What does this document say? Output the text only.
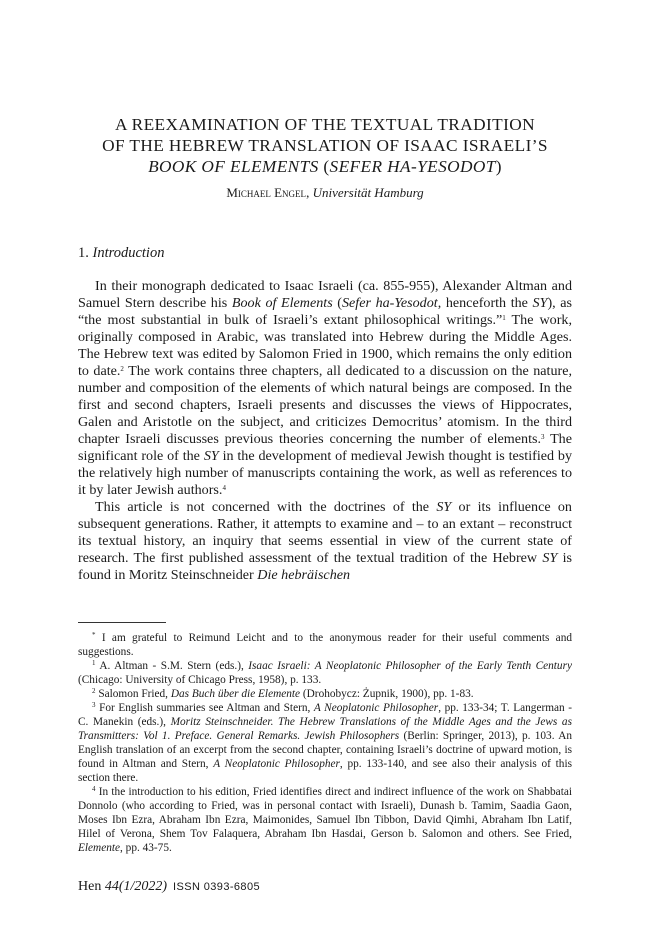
A REEXAMINATION OF THE TEXTUAL TRADITION
OF THE HEBREW TRANSLATION OF ISAAC ISRAELI’S
BOOK OF ELEMENTS (SEFER HA-YESODOT)
Michael Engel, Universität Hamburg
1. Introduction

In their monograph dedicated to Isaac Israeli (ca. 855-955), Alexander Altman and Samuel Stern describe his Book of Elements (Sefer ha-Yesodot, henceforth the SY), as “the most substantial in bulk of Israeli’s extant philosophical writings.”$^1$ The work, originally composed in Arabic, was translated into Hebrew during the Middle Ages. The Hebrew text was edited by Salomon Fried in 1900, which remains the only edition to date.$^2$ The work contains three chapters, all dedicated to a discussion on the nature, number and composition of the elements of which natural beings are composed. In the first and second chapters, Israeli presents and discusses the views of Hippocrates, Galen and Aristotle on the subject, and criticizes Democritus’ atomism. In the third chapter Israeli discusses previous theories concerning the number of elements.$^3$ The significant role of the SY in the development of medieval Jewish thought is testified by the relatively high number of manuscripts containing the work, as well as references to it by later Jewish authors.$^4$

This article is not concerned with the doctrines of the SY or its influence on subsequent generations. Rather, it attempts to examine and – to an extant – reconstruct its textual history, an inquiry that seems essential in view of the current state of research. The first published assessment of the textual tradition of the Hebrew SY is found in Moritz Steinschneider Die hebräischen

* I am grateful to Reimund Leicht and to the anonymous reader for their useful comments and suggestions.

$^1$ A. Altman - S.M. Stern (eds.), Isaac Israeli: A Neoplatonic Philosopher of the Early Tenth Century (Chicago: University of Chicago Press, 1958), p. 133.

$^2$ Salomon Fried, Das Buch über die Elemente (Drohobycz: Żupnik, 1900), pp. 1-83.

$^3$ For English summaries see Altman and Stern, A Neoplatonic Philosopher, pp. 133-34; T. Langerman - C. Manekin (eds.), Moritz Steinschneider. The Hebrew Translations of the Middle Ages and the Jews as Transmitters: Vol 1. Preface. General Remarks. Jewish Philosophers (Berlin: Springer, 2013), p. 103. An English translation of an excerpt from the second chapter, containing Israeli’s doctrine of upward motion, is found in Altman and Stern, A Neoplatonic Philosopher, pp. 133-140, and see also their analysis of this section there.

$^4$ In the introduction to his edition, Fried identifies direct and indirect influence of the work on Shabbatai Donnolo (who according to Fried, was in personal contact with Israeli), Dunash b. Tamim, Saadia Gaon, Moses Ibn Ezra, Abraham Ibn Ezra, Maimonides, Samuel Ibn Tibbon, David Qimhi, Abraham Ibn Latif, Hilel of Verona, Shem Tov Falaquera, Abraham Ibn Hasdai, Gerson b. Salomon and others. See Fried, Elemente, pp. 43-75.

Hen 44(1/2022) ISSN 0393-6805
